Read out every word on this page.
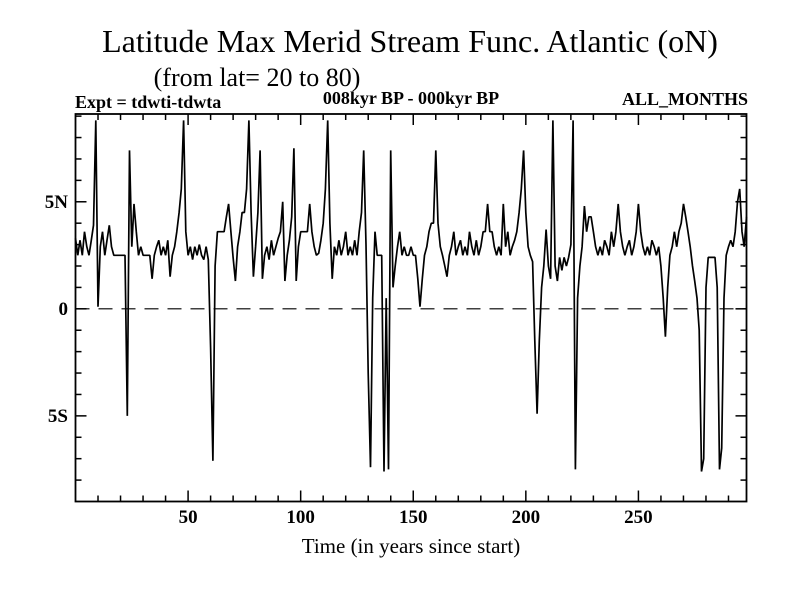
Latitude Max Merid Stream Func. Atlantic (oN)
(from lat= 20 to 80)
Expt = tdwti-tdwta	008kyr BP - 000kyr BP	ALL_MONTHS
50	100	150	200	250
5N
0
5S
Time (in years since start)
